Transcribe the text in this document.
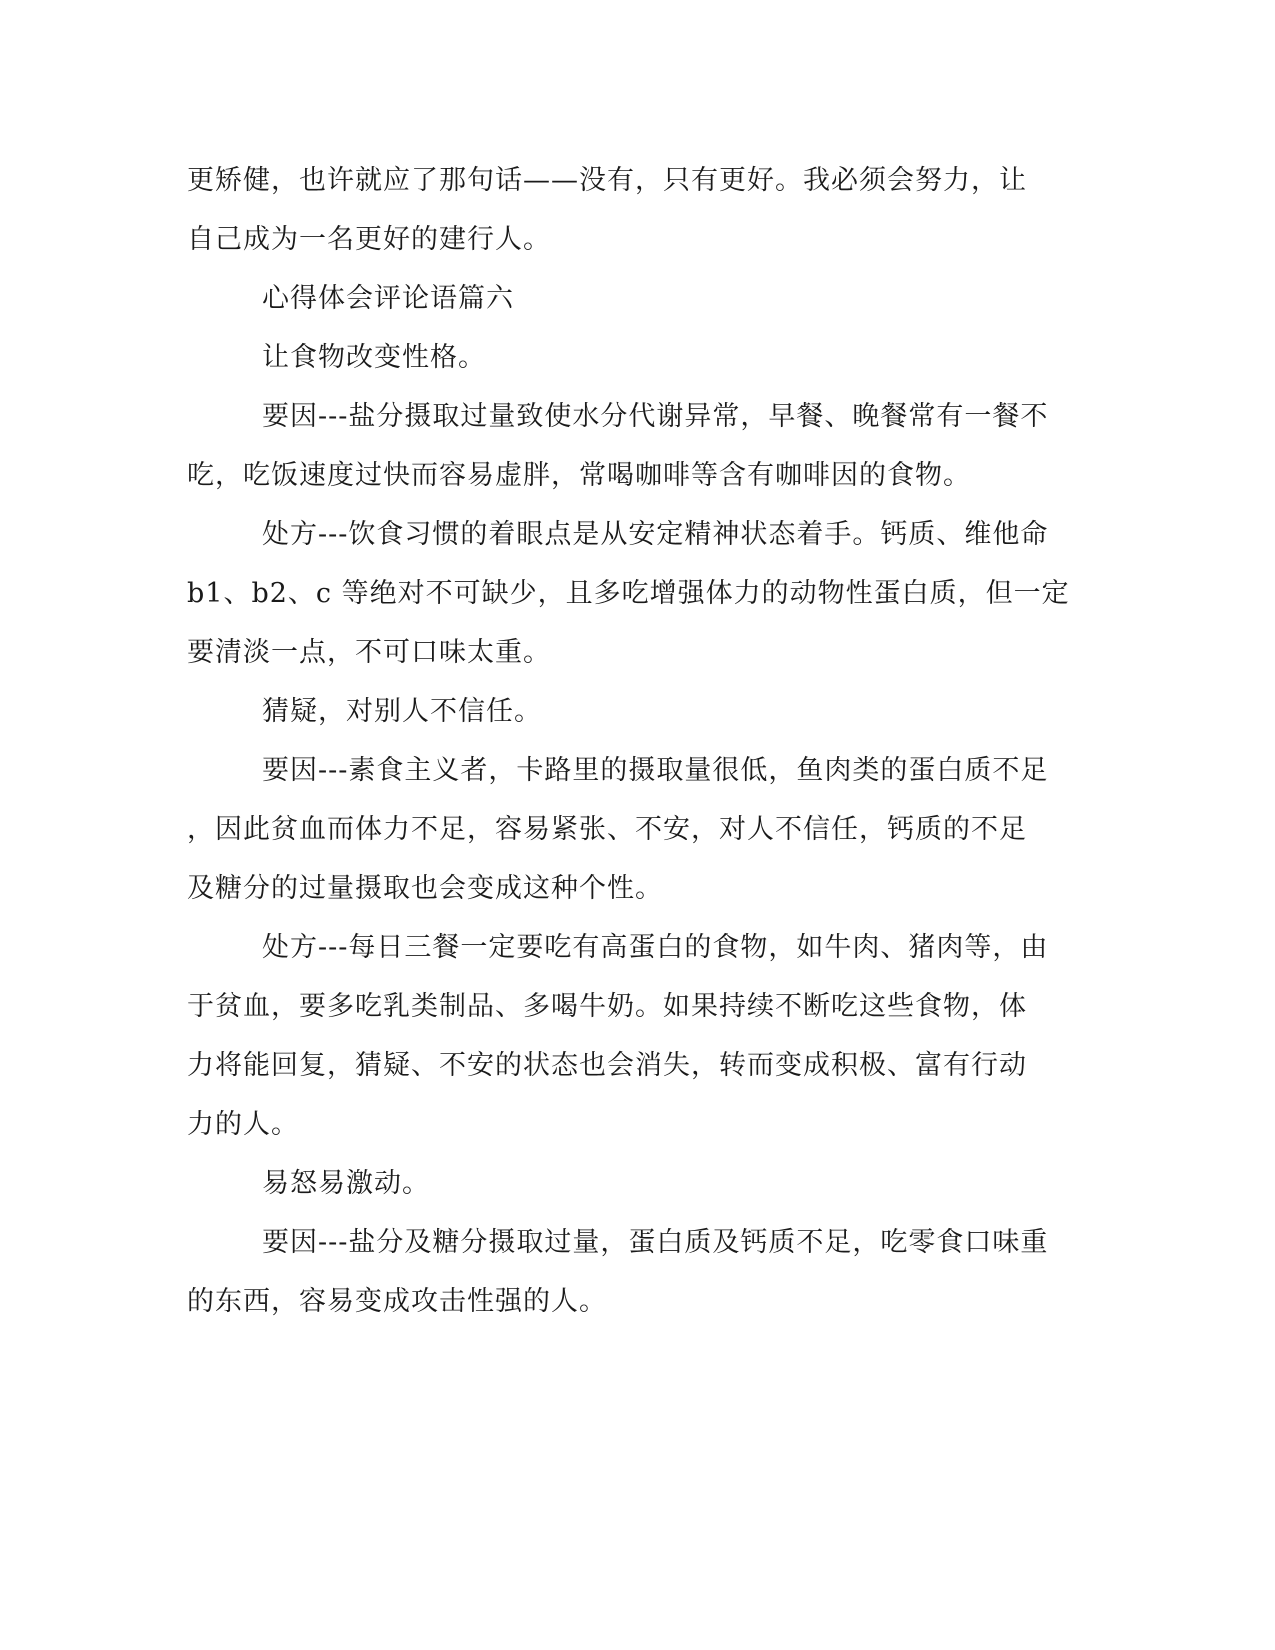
更矫健，也许就应了那句话——没有，只有更好。我必须会努力，让
自己成为一名更好的建行人。
心得体会评论语篇六
让食物改变性格。
要因---盐分摄取过量致使水分代谢异常，早餐、晚餐常有一餐不
吃，吃饭速度过快而容易虚胖，常喝咖啡等含有咖啡因的食物。
处方---饮食习惯的着眼点是从安定精神状态着手。钙质、维他命
b1、b2、c 等绝对不可缺少，且多吃增强体力的动物性蛋白质，但一定
要清淡一点，不可口味太重。
猜疑，对别人不信任。
要因---素食主义者，卡路里的摄取量很低，鱼肉类的蛋白质不足
，因此贫血而体力不足，容易紧张、不安，对人不信任，钙质的不足
及糖分的过量摄取也会变成这种个性。
处方---每日三餐一定要吃有高蛋白的食物，如牛肉、猪肉等，由
于贫血，要多吃乳类制品、多喝牛奶。如果持续不断吃这些食物，体
力将能回复，猜疑、不安的状态也会消失，转而变成积极、富有行动
力的人。
易怒易激动。
要因---盐分及糖分摄取过量，蛋白质及钙质不足，吃零食口味重
的东西，容易变成攻击性强的人。
